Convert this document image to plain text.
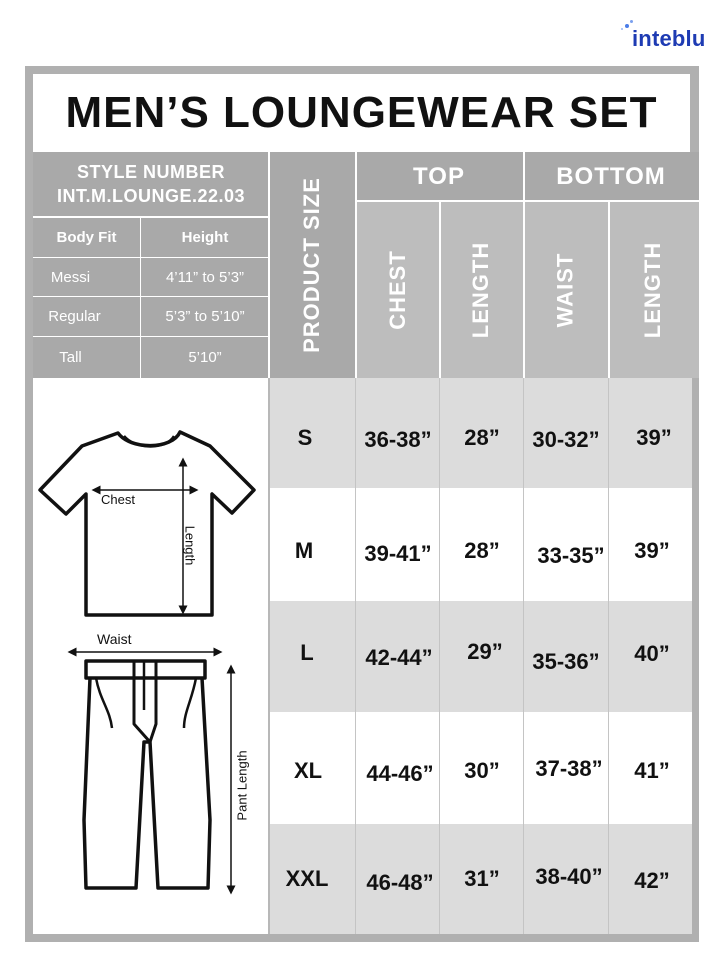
inteblu
MEN’S LOUNGEWEAR SET
STYLE NUMBER
INT.M.LOUNGE.22.03
Body Fit	Height
Messi	4’11” to 5’3”
Regular	5’3” to 5’10”
Tall	5’10”
PRODUCT SIZE
TOP	BOTTOM
CHEST	LENGTH	WAIST	LENGTH
S	36-38”	28”	30-32”	39”
M	39-41”	28”	33-35”	39”
L	42-44”	29”	35-36”	40”
XL	44-46”	30”	37-38”	41”
XXL	46-48”	31”	38-40”	42”
Chest
Length
Waist
Pant Length
